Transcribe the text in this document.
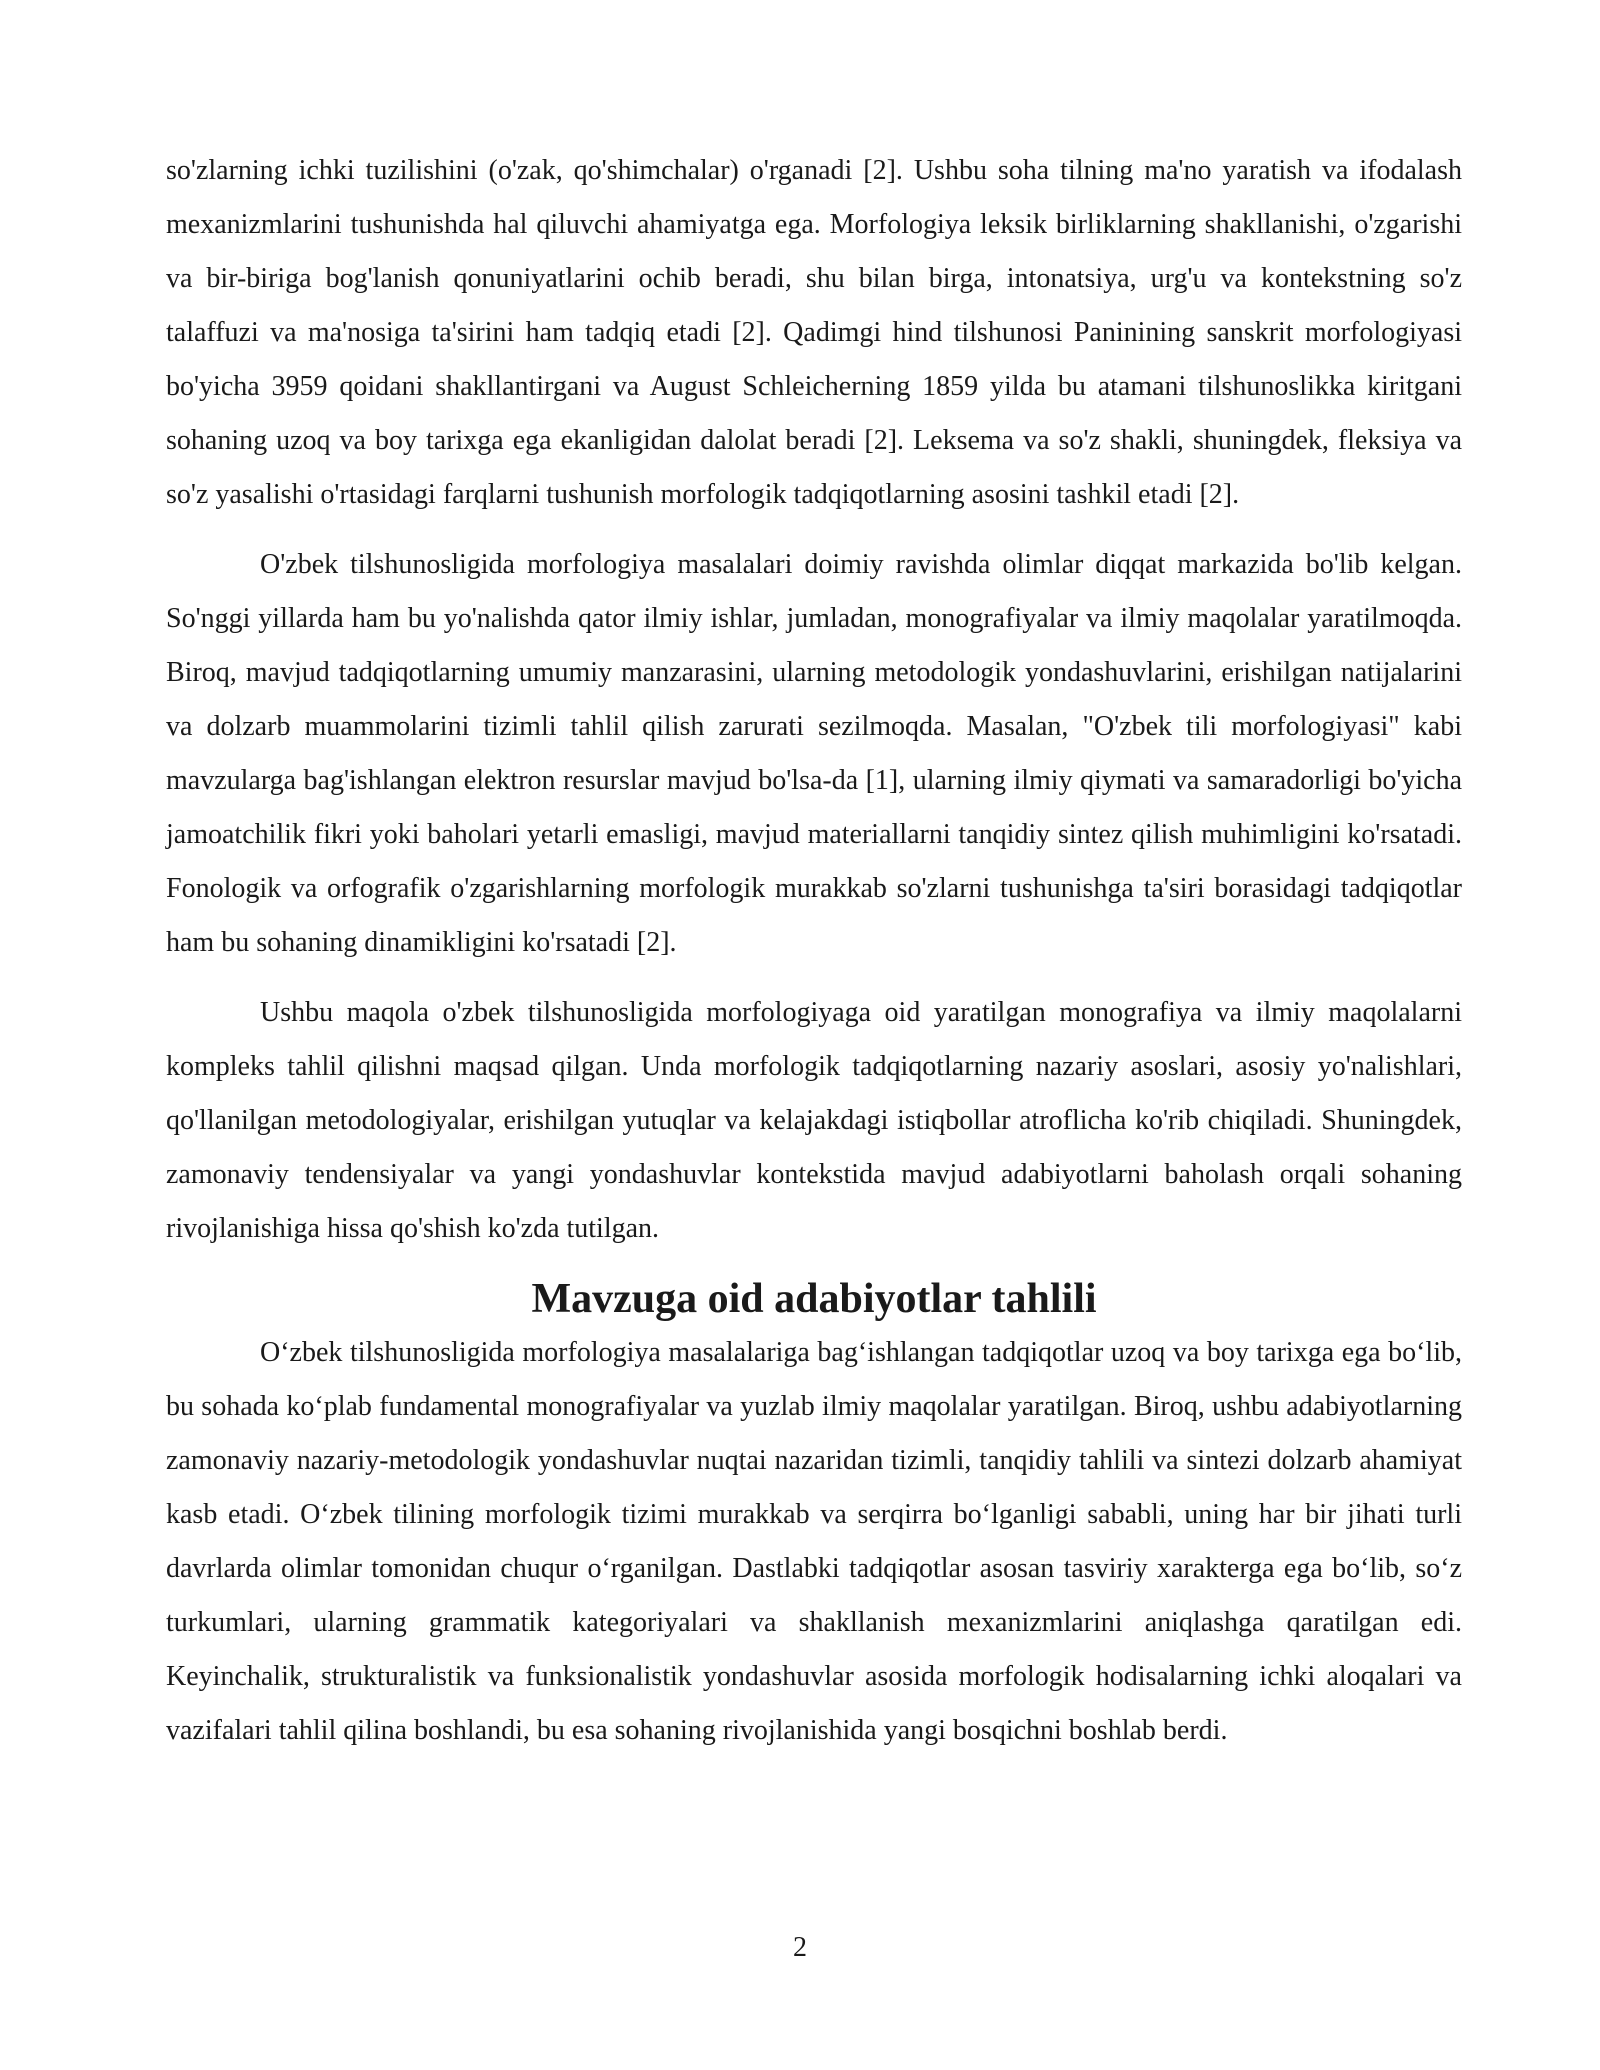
so'zlarning ichki tuzilishini (o'zak, qo'shimchalar) o'rganadi [2]. Ushbu soha tilning ma'no yaratish va ifodalash mexanizmlarini tushunishda hal qiluvchi ahamiyatga ega. Morfologiya leksik birliklarning shakllanishi, o'zgarishi va bir-biriga bog'lanish qonuniyatlarini ochib beradi, shu bilan birga, intonatsiya, urg'u va kontekstning so'z talaffuzi va ma'nosiga ta'sirini ham tadqiq etadi [2]. Qadimgi hind tilshunosi Paninining sanskrit morfologiyasi bo'yicha 3959 qoidani shakllantirgani va August Schleicherning 1859 yilda bu atamani tilshunoslikka kiritgani sohaning uzoq va boy tarixga ega ekanligidan dalolat beradi [2]. Leksema va so'z shakli, shuningdek, fleksiya va so'z yasalishi o'rtasidagi farqlarni tushunish morfologik tadqiqotlarning asosini tashkil etadi [2].

O'zbek tilshunosligida morfologiya masalalari doimiy ravishda olimlar diqqat markazida bo'lib kelgan. So'nggi yillarda ham bu yo'nalishda qator ilmiy ishlar, jumladan, monografiyalar va ilmiy maqolalar yaratilmoqda. Biroq, mavjud tadqiqotlarning umumiy manzarasini, ularning metodologik yondashuvlarini, erishilgan natijalarini va dolzarb muammolarini tizimli tahlil qilish zarurati sezilmoqda. Masalan, "O'zbek tili morfologiyasi" kabi mavzularga bag'ishlangan elektron resurslar mavjud bo'lsa-da [1], ularning ilmiy qiymati va samaradorligi bo'yicha jamoatchilik fikri yoki baholari yetarli emasligi, mavjud materiallarni tanqidiy sintez qilish muhimligini ko'rsatadi. Fonologik va orfografik o'zgarishlarning morfologik murakkab so'zlarni tushunishga ta'siri borasidagi tadqiqotlar ham bu sohaning dinamikligini ko'rsatadi [2].

Ushbu maqola o'zbek tilshunosligida morfologiyaga oid yaratilgan monografiya va ilmiy maqolalarni kompleks tahlil qilishni maqsad qilgan. Unda morfologik tadqiqotlarning nazariy asoslari, asosiy yo'nalishlari, qo'llanilgan metodologiyalar, erishilgan yutuqlar va kelajakdagi istiqbollar atroflicha ko'rib chiqiladi. Shuningdek, zamonaviy tendensiyalar va yangi yondashuvlar kontekstida mavjud adabiyotlarni baholash orqali sohaning rivojlanishiga hissa qo'shish ko'zda tutilgan.

Mavzuga oid adabiyotlar tahlili

O‘zbek tilshunosligida morfologiya masalalariga bag‘ishlangan tadqiqotlar uzoq va boy tarixga ega bo‘lib, bu sohada ko‘plab fundamental monografiyalar va yuzlab ilmiy maqolalar yaratilgan. Biroq, ushbu adabiyotlarning zamonaviy nazariy-metodologik yondashuvlar nuqtai nazaridan tizimli, tanqidiy tahlili va sintezi dolzarb ahamiyat kasb etadi. O‘zbek tilining morfologik tizimi murakkab va serqirra bo‘lganligi sababli, uning har bir jihati turli davrlarda olimlar tomonidan chuqur o‘rganilgan. Dastlabki tadqiqotlar asosan tasviriy xarakterga ega bo‘lib, so‘z turkumlari, ularning grammatik kategoriyalari va shakllanish mexanizmlarini aniqlashga qaratilgan edi. Keyinchalik, strukturalistik va funksionalistik yondashuvlar asosida morfologik hodisalarning ichki aloqalari va vazifalari tahlil qilina boshlandi, bu esa sohaning rivojlanishida yangi bosqichni boshlab berdi.

2
